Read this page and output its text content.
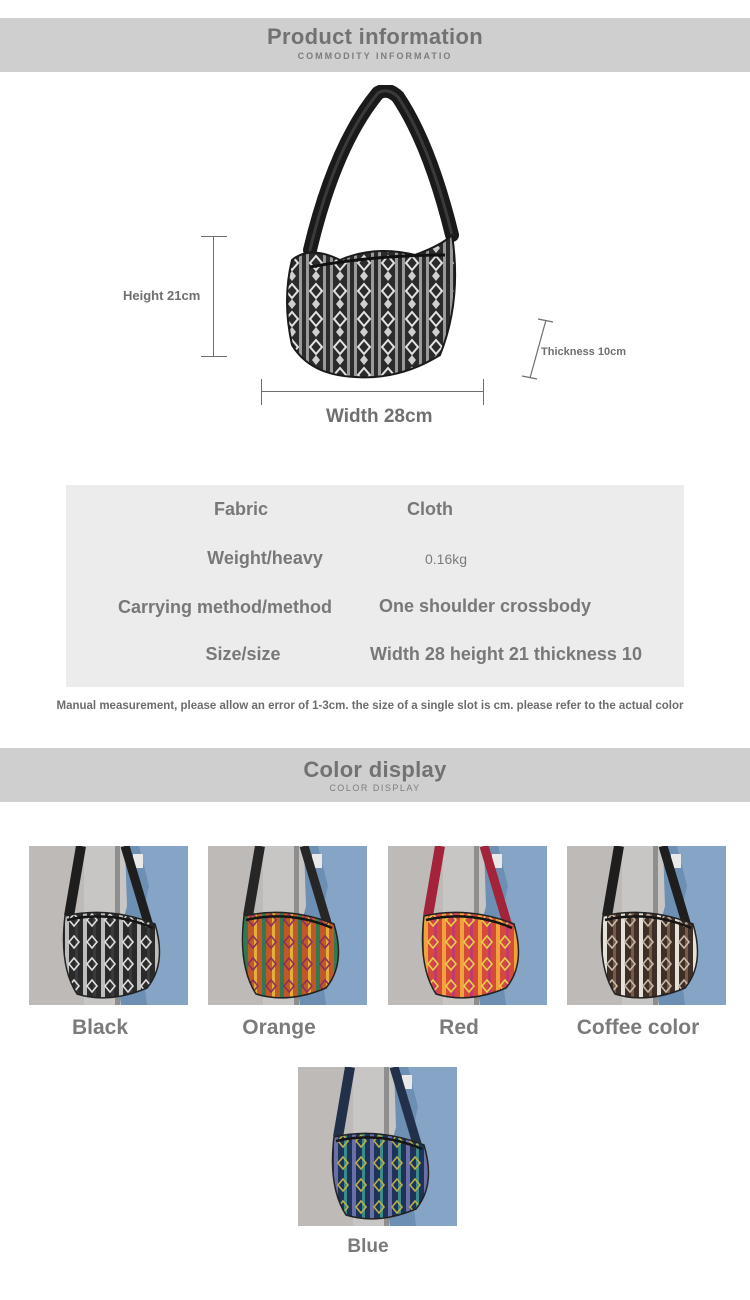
Product information
COMMODITY INFORMATIO
Height 21cm
Width 28cm
Thickness 10cm
Fabric	Cloth
Weight/heavy	0.16kg
Carrying method/method	One shoulder crossbody
Size/size	Width 28 height 21 thickness 10
Manual measurement, please allow an error of 1-3cm. the size of a single slot is cm. please refer to the actual color
Color display
COLOR DISPLAY
Black	Orange	Red	Coffee color
Blue
